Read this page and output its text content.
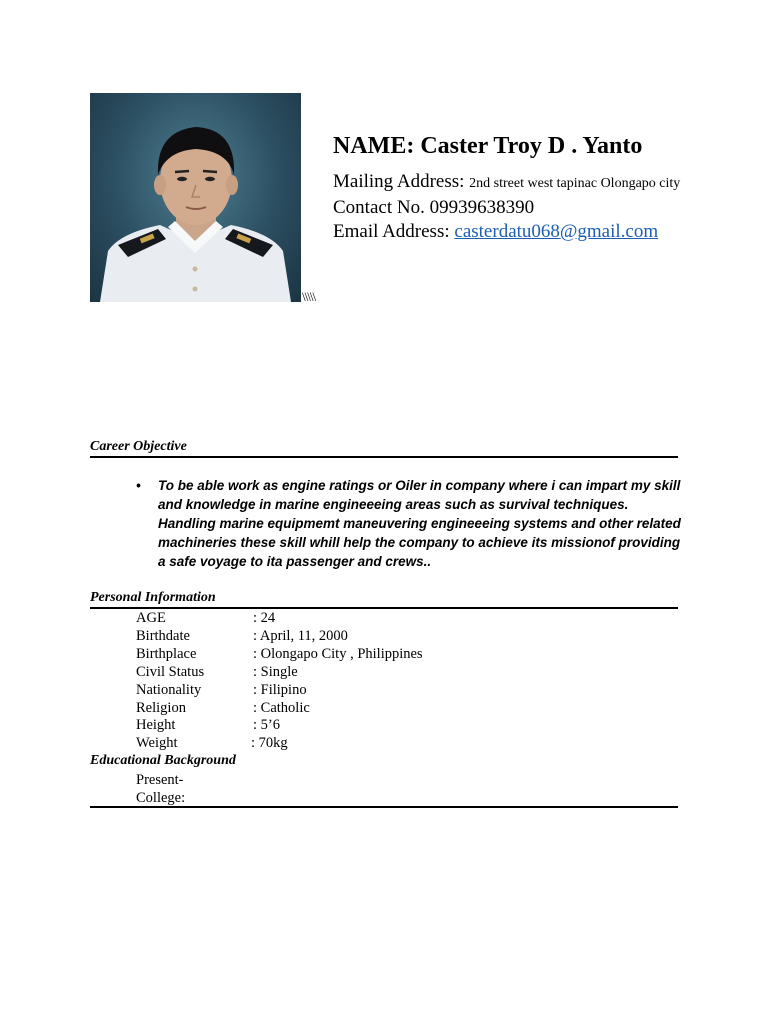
\\\\\
NAME: Caster Troy D . Yanto
Mailing Address: 2nd street west tapinac Olongapo city
Contact No. 09939638390
Email Address: casterdatu068@gmail.com
Career Objective
•	To be able work as engine ratings or Oiler in company where i can impart my skill and knowledge in marine engineeeing areas such as survival techniques. Handling marine equipmemt maneuvering engineeeing systems and other related machineries these skill whill help the company to achieve its missionof providing a safe voyage to ita passenger and crews..
Personal Information
AGE	: 24
Birthdate	: April, 11, 2000
Birthplace	: Olongapo City , Philippines
Civil Status	: Single
Nationality	: Filipino
Religion	: Catholic
Height	: 5’6
Weight	: 70kg
Educational Background
Present-
College:
